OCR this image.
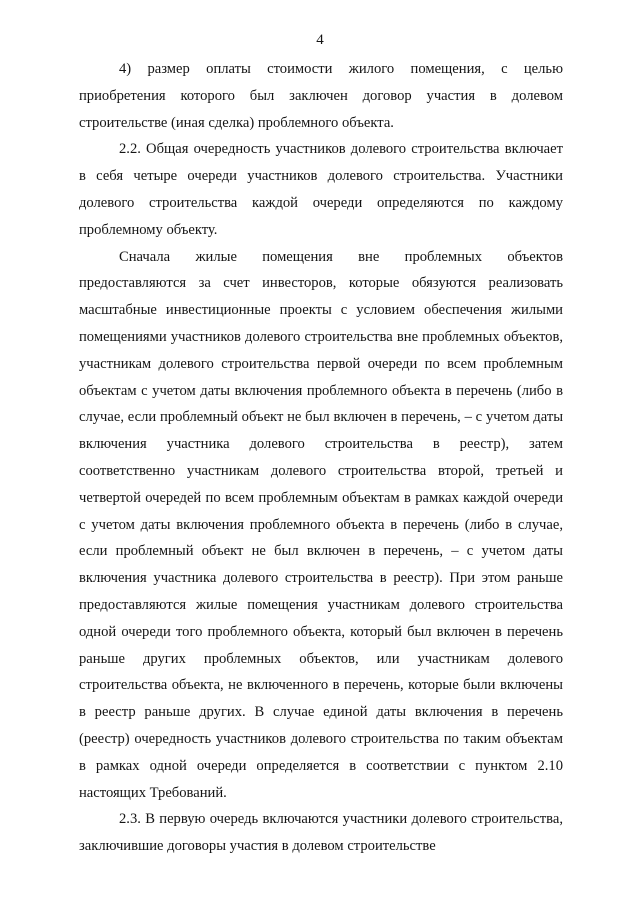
4

4) размер оплаты стоимости жилого помещения, с целью приобретения которого был заключен договор участия в долевом строительстве (иная сделка) проблемного объекта.

2.2. Общая очередность участников долевого строительства включает в себя четыре очереди участников долевого строительства. Участники долевого строительства каждой очереди определяются по каждому проблемному объекту.

Сначала жилые помещения вне проблемных объектов предоставляются за счет инвесторов, которые обязуются реализовать масштабные инвестиционные проекты с условием обеспечения жилыми помещениями участников долевого строительства вне проблемных объектов, участникам долевого строительства первой очереди по всем проблемным объектам с учетом даты включения проблемного объекта в перечень (либо в случае, если проблемный объект не был включен в перечень, – с учетом даты включения участника долевого строительства в реестр), затем соответственно участникам долевого строительства второй, третьей и четвертой очередей по всем проблемным объектам в рамках каждой очереди с учетом даты включения проблемного объекта в перечень (либо в случае, если проблемный объект не был включен в перечень, – с учетом даты включения участника долевого строительства в реестр). При этом раньше предоставляются жилые помещения участникам долевого строительства одной очереди того проблемного объекта, который был включен в перечень раньше других проблемных объектов, или участникам долевого строительства объекта, не включенного в перечень, которые были включены в реестр раньше других. В случае единой даты включения в перечень (реестр) очередность участников долевого строительства по таким объектам в рамках одной очереди определяется в соответствии с пунктом 2.10 настоящих Требований.

2.3. В первую очередь включаются участники долевого строительства, заключившие договоры участия в долевом строительстве
